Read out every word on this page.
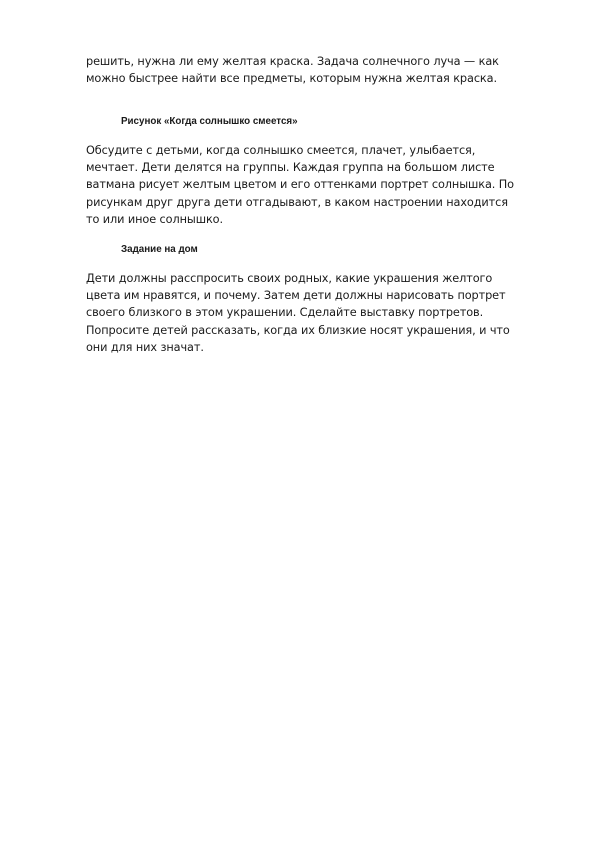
решить, нужна ли ему желтая краска. Задача солнечного луча — как
можно быстрее найти все предметы, которым нужна желтая краска.

Рисунок «Когда солнышко смеется»

Обсудите с детьми, когда солнышко смеется, плачет, улыбается,
мечтает. Дети делятся на группы. Каждая группа на большом листе
ватмана рисует желтым цветом и его оттенками портрет солнышка. По
рисункам друг друга дети отгадывают, в каком настроении находится
то или иное солнышко.

Задание на дом

Дети должны расспросить своих родных, какие украшения желтого
цвета им нравятся, и почему. Затем дети должны нарисовать портрет
своего близкого в этом украшении. Сделайте выставку портретов.
Попросите детей рассказать, когда их близкие носят украшения, и что
они для них значат.
